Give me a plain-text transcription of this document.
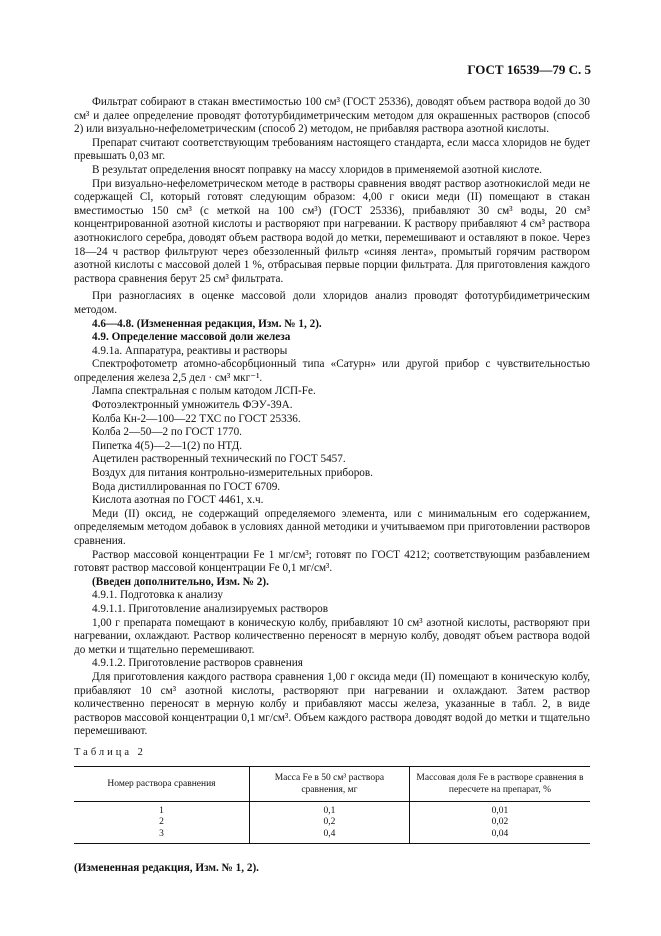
ГОСТ 16539—79 С. 5

Фильтрат собирают в стакан вместимостью 100 см³ (ГОСТ 25336), доводят объем раствора водой до 30 см³ и далее определение проводят фототурбидиметрическим методом для окрашенных растворов (способ 2) или визуально-нефелометрическим (способ 2) методом, не прибавляя раствора азотной кислоты.

Препарат считают соответствующим требованиям настоящего стандарта, если масса хлоридов не будет превышать 0,03 мг.

В результат определения вносят поправку на массу хлоридов в применяемой азотной кислоте.

При визуально-нефелометрическом методе в растворы сравнения вводят раствор азотнокислой меди не содержащей Cl, который готовят следующим образом: 4,00 г окиси меди (II) помещают в стакан вместимостью 150 см³ (с меткой на 100 см³) (ГОСТ 25336), прибавляют 30 см³ воды, 20 см³ концентрированной азотной кислоты и растворяют при нагревании. К раствору прибавляют 4 см³ раствора азотнокислого серебра, доводят объем раствора водой до метки, перемешивают и оставляют в покое. Через 18—24 ч раствор фильтруют через обеззоленный фильтр «синяя лента», промытый горячим раствором азотной кислоты с массовой долей 1 %, отбрасывая первые порции фильтрата. Для приготовления каждого раствора сравнения берут 25 см³ фильтрата.

При разногласиях в оценке массовой доли хлоридов анализ проводят фототурбидиметрическим методом.

4.6—4.8. (Измененная редакция, Изм. № 1, 2).

4.9. Определение массовой доли железа

4.9.1а. Аппаратура, реактивы и растворы

Спектрофотометр атомно-абсорбционный типа «Сатурн» или другой прибор с чувствительностью определения железа 2,5 дел · см³ мкг⁻¹.

Лампа спектральная с полым катодом ЛСП-Fe.

Фотоэлектронный умножитель ФЭУ-39А.

Колба Кн-2—100—22 ТХС по ГОСТ 25336.

Колба 2—50—2 по ГОСТ 1770.

Пипетка 4(5)—2—1(2) по НТД.

Ацетилен растворенный технический по ГОСТ 5457.

Воздух для питания контрольно-измерительных приборов.

Вода дистиллированная по ГОСТ 6709.

Кислота азотная по ГОСТ 4461, х.ч.

Меди (II) оксид, не содержащий определяемого элемента, или с минимальным его содержанием, определяемым методом добавок в условиях данной методики и учитываемом при приготовлении растворов сравнения.

Раствор массовой концентрации Fe 1 мг/см³; готовят по ГОСТ 4212; соответствующим разбавлением готовят раствор массовой концентрации Fe 0,1 мг/см³.

(Введен дополнительно, Изм. № 2).

4.9.1. Подготовка к анализу

4.9.1.1. Приготовление анализируемых растворов

1,00 г препарата помещают в коническую колбу, прибавляют 10 см³ азотной кислоты, растворяют при нагревании, охлаждают. Раствор количественно переносят в мерную колбу, доводят объем раствора водой до метки и тщательно перемешивают.

4.9.1.2. Приготовление растворов сравнения

Для приготовления каждого раствора сравнения 1,00 г оксида меди (II) помещают в коническую колбу, прибавляют 10 см³ азотной кислоты, растворяют при нагревании и охлаждают. Затем раствор количественно переносят в мерную колбу и прибавляют массы железа, указанные в табл. 2, в виде растворов массовой концентрации 0,1 мг/см³. Объем каждого раствора доводят водой до метки и тщательно перемешивают.

Таблица 2

Номер раствора сравнения	Масса Fe в 50 см³ раствора сравнения, мг	Массовая доля Fe в растворе сравнения в пересчете на препарат, %
1	0,1	0,01
2	0,2	0,02
3	0,4	0,04

(Измененная редакция, Изм. № 1, 2).
